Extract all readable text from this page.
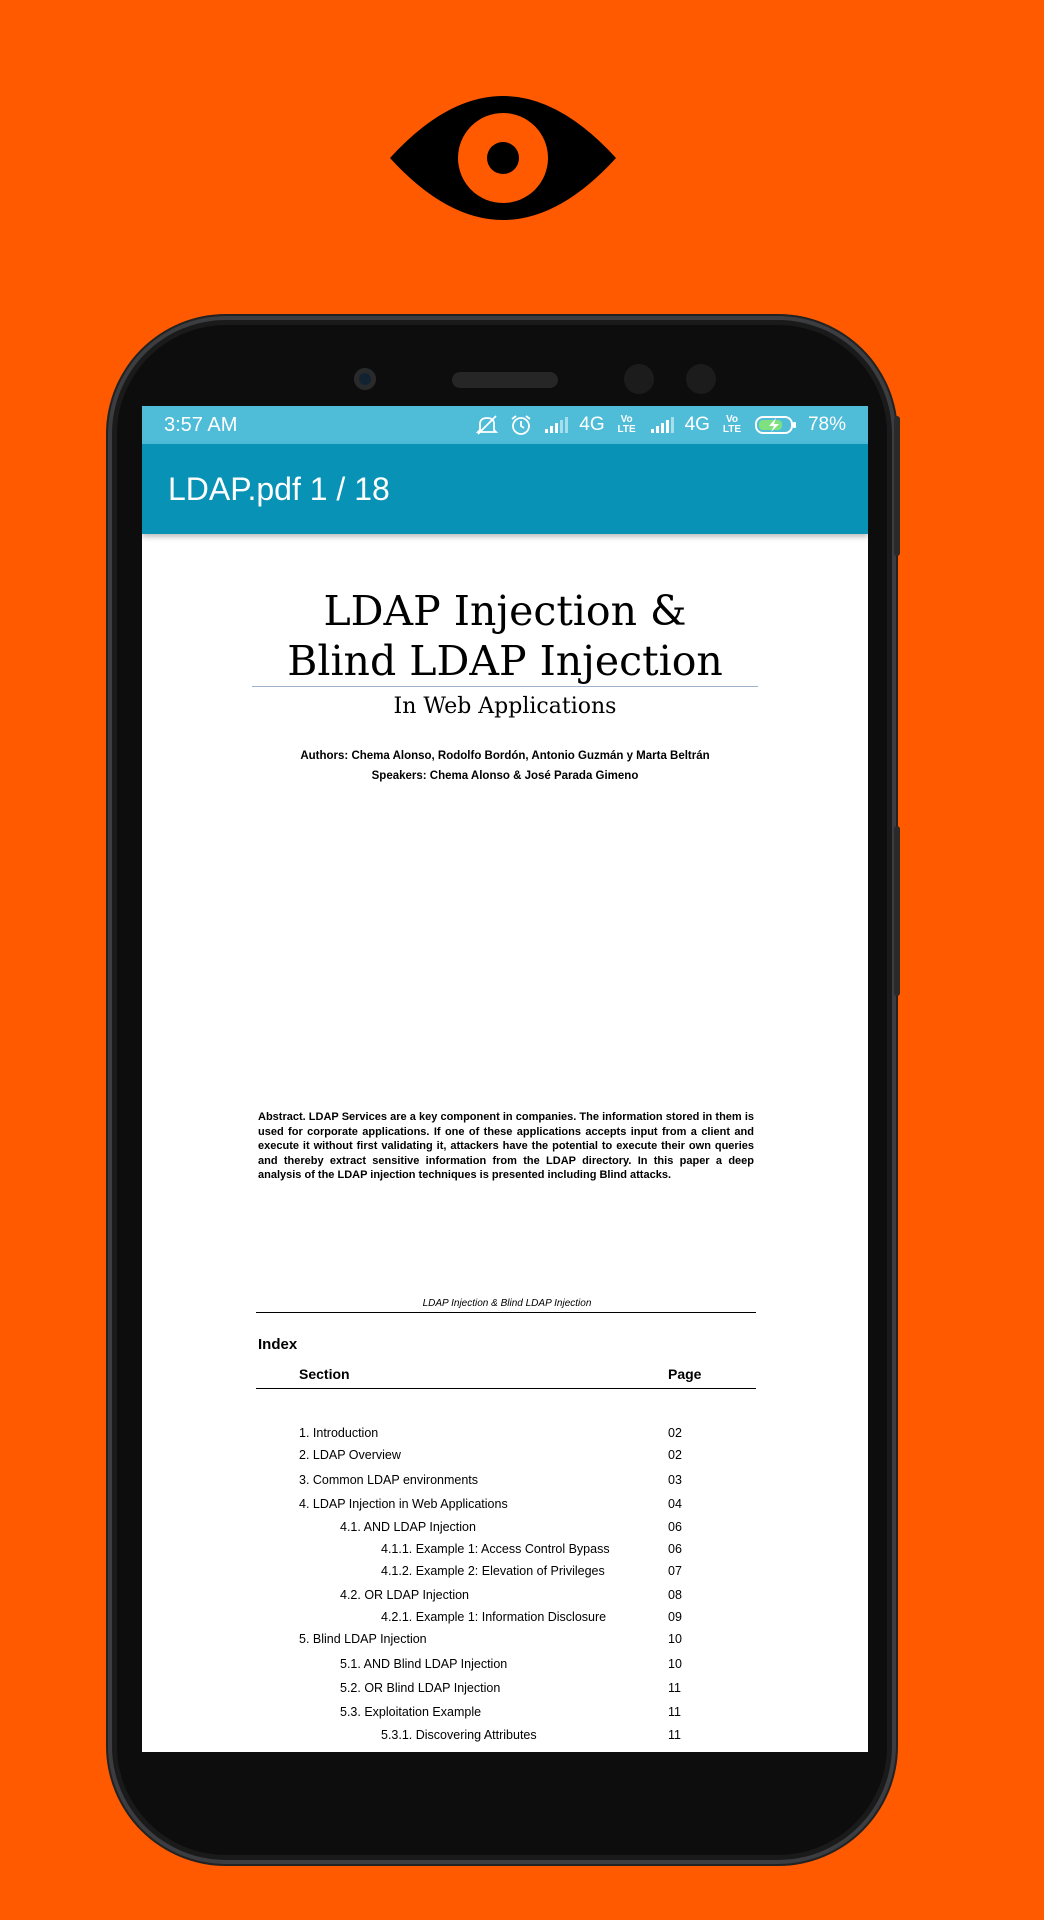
3:57 AM	4G	Vo LTE	4G	Vo LTE	78%
LDAP.pdf 1 / 18
LDAP Injection &
Blind LDAP Injection
In Web Applications
Authors: Chema Alonso, Rodolfo Bordón, Antonio Guzmán y Marta Beltrán
Speakers: Chema Alonso & José Parada Gimeno
Abstract. LDAP Services are a key component in companies. The information stored in them is used for corporate applications. If one of these applications accepts input from a client and execute it without first validating it, attackers have the potential to execute their own queries and thereby extract sensitive information from the LDAP directory. In this paper a deep analysis of the LDAP injection techniques is presented including Blind attacks.
LDAP Injection & Blind LDAP Injection
Index
Section	Page
1. Introduction	02
2. LDAP Overview	02
3. Common LDAP environments	03
4. LDAP Injection in Web Applications	04
4.1. AND LDAP Injection	06
4.1.1. Example 1: Access Control Bypass	06
4.1.2. Example 2: Elevation of Privileges	07
4.2. OR LDAP Injection	08
4.2.1. Example 1: Information Disclosure	09
5. Blind LDAP Injection	10
5.1. AND Blind LDAP Injection	10
5.2. OR Blind LDAP Injection	11
5.3. Exploitation Example	11
5.3.1. Discovering Attributes	11
